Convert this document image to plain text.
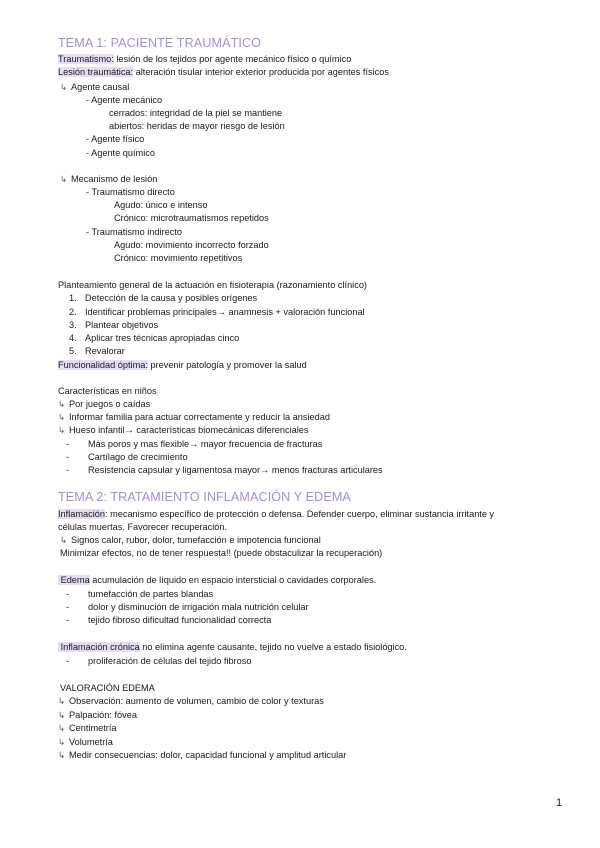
TEMA 1: PACIENTE TRAUMÁTICO
Traumatismo: lesión de los tejidos por agente mecánico físico o químico
Lesión traumática: alteración tisular interior exterior producida por agentes físicos
↳ Agente causal
- Agente mecánico
cerrados: integridad de la piel se mantiene
abiertos: heridas de mayor riesgo de lesión
- Agente físico
- Agente químico
↳ Mecanismo de lesión
- Traumatismo directo
Agudo: único e intenso
Crónico: microtraumatismos repetidos
- Traumatismo indirecto
Agudo: movimiento incorrecto forzado
Crónico: movimiento repetitivos
Planteamiento general de la actuación en fisioterapia (razonamiento clínico)
1. Detección de la causa y posibles orígenes
2. Identificar problemas principales→ anamnesis + valoración funcional
3. Plantear objetivos
4. Aplicar tres técnicas apropiadas cinco
5. Revalorar
Funcionalidad óptima: prevenir patología y promover la salud
Características en niños
↳ Por juegos o caídas
↳ Informar familia para actuar correctamente y reducir la ansiedad
↳ Hueso infantil→ características biomecánicas diferenciales
- Más poros y mas flexible→ mayor frecuencia de fracturas
- Cartílago de crecimiento
- Resistencia capsular y ligamentosa mayor→ menos fracturas articulares
TEMA 2: TRATAMIENTO INFLAMACIÓN Y EDEMA
Inflamación: mecanismo específico de protección o defensa. Defender cuerpo, eliminar sustancia irritante y
células muertas. Favorecer recuperación.
↳ Signos calor, rubor, dolor, tumefacción e impotencia funcional
Minimizar efectos, no de tener respuesta!! (puede obstaculizar la recuperación)
Edema acumulación de líquido en espacio intersticial o cavidades corporales.
- tumefacción de partes blandas
- dolor y disminución de irrigación mala nutrición celular
- tejido fibroso dificultad funcionalidad correcta
Inflamación crónica no elimina agente causante, tejido no vuelve a estado fisiológico.
- proliferación de células del tejido fibroso
VALORACIÓN EDEMA
↳ Observación: aumento de volumen, cambio de color y texturas
↳ Palpación: fóvea
↳ Centimetría
↳ Volumetría
↳ Medir consecuencias: dolor, capacidad funcional y amplitud articular
1
